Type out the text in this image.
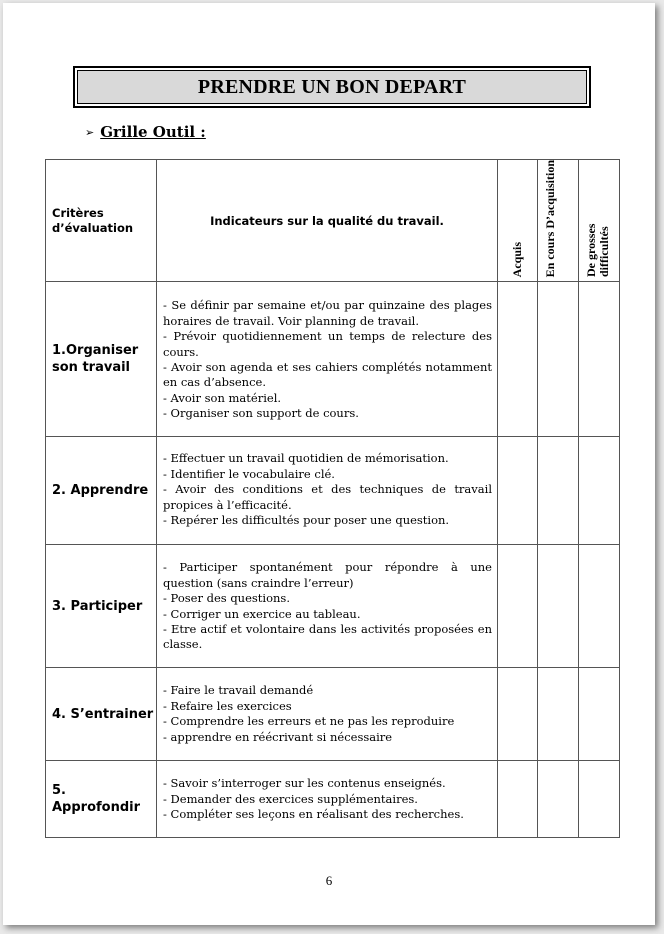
PRENDRE UN BON DEPART
➢ Grille Outil :
Critères d’évaluation	Indicateurs sur la qualité du travail.	Acquis	En cours D’acquisition	De grosses difficultés

1.Organiser son travail	- Se définir par semaine et/ou par quinzaine des plages horaires de travail. Voir planning de travail.
- Prévoir quotidiennement un temps de relecture des cours.
- Avoir son agenda et ses cahiers complétés notamment en cas d’absence.
- Avoir son matériel.
- Organiser son support de cours.			

2. Apprendre	- Effectuer un travail quotidien de mémorisation.
- Identifier le vocabulaire clé.
- Avoir des conditions et des techniques de travail propices à l’efficacité.
- Repérer les difficultés pour poser une question.			

3. Participer	- Participer spontanément pour répondre à une question (sans craindre l’erreur)
- Poser des questions.
- Corriger un exercice au tableau.
- Etre actif et volontaire dans les activités proposées en classe.			

4. S’entrainer	- Faire le travail demandé
- Refaire les exercices
- Comprendre les erreurs et ne pas les reproduire
- apprendre en réécrivant si nécessaire			

5. Approfondir	- Savoir s’interroger sur les contenus enseignés.
- Demander des exercices supplémentaires.
- Compléter ses leçons en réalisant des recherches.			

6
